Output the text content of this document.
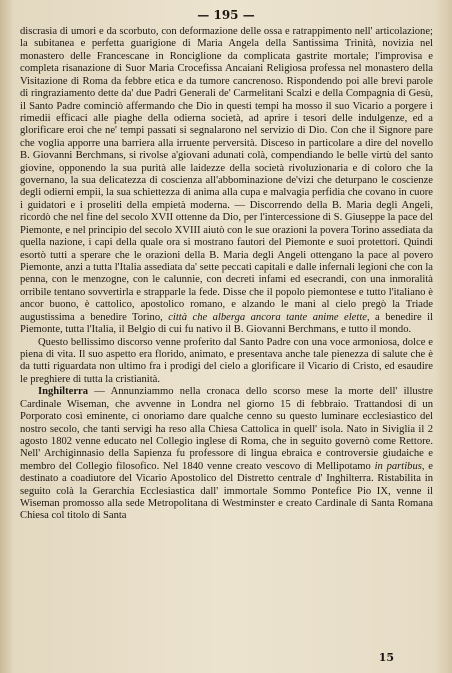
— 195 —

discrasia di umori e da scorbuto, con deformazione delle ossa e ratrappimento nell' articolazione; la subitanea e perfetta guarigione di Maria Angela della Santissima Trinità, novizia nel monastero delle Francescane in Ronciglione da complicata gastrite mortale; l'improvisa e completa risanazione di Suor Maria Crocefissa Ancaiani Religiosa professa nel monastero della Visitazione di Roma da febbre etica e da tumore cancrenoso. Rispondendo poi alle brevi parole di ringraziamento dette da' due Padri Generali de' Carmelitani Scalzi e della Compagnia di Gesù, il Santo Padre cominciò affermando che Dio in questi tempi ha mosso il suo Vicario a porgere i rimedii efficaci alle piaghe della odierna società, ad aprire i tesori delle indulgenze, ed a glorificare eroi che ne' tempi passati si segnalarono nel servizio di Dio. Con che il Signore pare che voglia apporre una barriera alla irruente perversità. Disceso in particolare a dire del novello B. Giovanni Berchmans, si rivolse a'giovani adunati colà, compendiando le belle virtù del santo giovine, opponendo la sua purità alle laidezze della società rivoluzionaria e di coloro che la governano, la sua delicatezza di coscienza all'abbominazione de'vizi che deturpano le coscienze degli odierni empii, la sua schiettezza di anima alla cupa e malvagia perfidia che covano in cuore i guidatori e i proseliti della empietà moderna. — Discorrendo della B. Maria degli Angeli, ricordò che nel fine del secolo XVII ottenne da Dio, per l'intercessione di S. Giuseppe la pace del Piemonte, e nel principio del secolo XVIII aiutò con le sue orazioni la povera Torino assediata da quella nazione, i capi della quale ora si mostrano fautori del Piemonte e suoi protettori. Quindi esortò tutti a sperare che le orazioni della B. Maria degli Angeli ottengano la pace al povero Piemonte, anzi a tutta l'Italia assediata da' sette peccati capitali e dalle infernali legioni che con la penna, con le menzogne, con le calunnie, con decreti infami ed esecrandi, con una inmoralità orribile tentano sovvertirla e strapparle la fede. Disse che il popolo piemontese e tutto l'italiano è ancor buono, è cattolico, apostolico romano, e alzando le mani al cielo pregò la Triade augustissima a benedire Torino, città che alberga ancora tante anime elette, a benedire il Piemonte, tutta l'Italia, il Belgio di cui fu nativo il B. Giovanni Berchmans, e tutto il mondo.

Questo bellissimo discorso venne proferito dal Santo Padre con una voce armoniosa, dolce e piena di vita. Il suo aspetto era florido, animato, e presentava anche tale pienezza di salute che è da tutti riguardata non ultimo fra i prodigi del cielo a glorificare il Vicario di Cristo, ed esaudire le preghiere di tutta la cristianità.

Inghilterra — Annunziammo nella cronaca dello scorso mese la morte dell' illustre Cardinale Wiseman, che avvenne in Londra nel giorno 15 di febbraio. Trattandosi di un Porporato così eminente, ci onoriamo dare qualche cenno su questo luminare ecclesiastico del nostro secolo, che tanti servigi ha reso alla Chiesa Cattolica in quell' isola. Nato in Siviglia il 2 agosto 1802 venne educato nel Collegio inglese di Roma, che in seguito governò come Rettore. Nell' Archiginnasio della Sapienza fu professore di lingua ebraica e controversie giudaiche e membro del Collegio filosofico. Nel 1840 venne creato vescovo di Mellipotamo in partibus, e destinato a coadiutore del Vicario Apostolico del Distretto centrale d' Inghilterra. Ristabilita in seguito colà la Gerarchia Ecclesiastica dall' immortale Sommo Pontefice Pio IX, venne il Wiseman promosso alla sede Metropolitana di Westminster e creato Cardinale di Santa Romana Chiesa col titolo di Santa

15
